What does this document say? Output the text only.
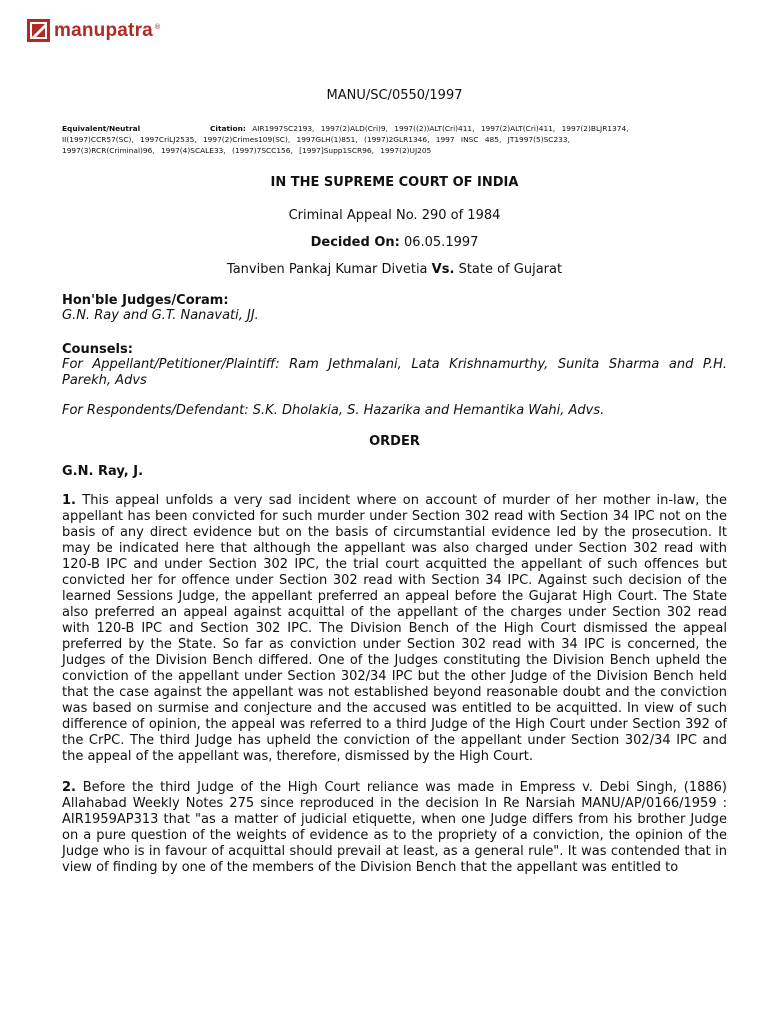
manupatra ®

MANU/SC/0550/1997

Equivalent/Neutral	Citation: AIR1997SC2193, 1997(2)ALD(Cri)9, 1997((2))ALT(Cri)411, 1997(2)ALT(Cri)411, 1997(2)BLJR1374,
II(1997)CCR57(SC), 1997CriLJ2535, 1997(2)Crimes109(SC), 1997GLH(1)851, (1997)2GLR1346, 1997 INSC 485, JT1997(5)SC233,
1997(3)RCR(Criminal)96, 1997(4)SCALE33, (1997)7SCC156, [1997]Supp1SCR96, 1997(2)UJ205

IN THE SUPREME COURT OF INDIA

Criminal Appeal No. 290 of 1984

Decided On: 06.05.1997

Tanviben Pankaj Kumar Divetia Vs. State of Gujarat

Hon'ble Judges/Coram:

G.N. Ray and G.T. Nanavati, JJ.

Counsels:

For Appellant/Petitioner/Plaintiff: Ram Jethmalani, Lata Krishnamurthy, Sunita Sharma and P.H. Parekh, Advs

For Respondents/Defendant: S.K. Dholakia, S. Hazarika and Hemantika Wahi, Advs.

ORDER

G.N. Ray, J.

1. This appeal unfolds a very sad incident where on account of murder of her mother in-law, the appellant has been convicted for such murder under Section 302 read with Section 34 IPC not on the basis of any direct evidence but on the basis of circumstantial evidence led by the prosecution. It may be indicated here that although the appellant was also charged under Section 302 read with 120-B IPC and under Section 302 IPC, the trial court acquitted the appellant of such offences but convicted her for offence under Section 302 read with Section 34 IPC. Against such decision of the learned Sessions Judge, the appellant preferred an appeal before the Gujarat High Court. The State also preferred an appeal against acquittal of the appellant of the charges under Section 302 read with 120-B IPC and Section 302 IPC. The Division Bench of the High Court dismissed the appeal preferred by the State. So far as conviction under Section 302 read with 34 IPC is concerned, the Judges of the Division Bench differed. One of the Judges constituting the Division Bench upheld the conviction of the appellant under Section 302/34 IPC but the other Judge of the Division Bench held that the case against the appellant was not established beyond reasonable doubt and the conviction was based on surmise and conjecture and the accused was entitled to be acquitted. In view of such difference of opinion, the appeal was referred to a third Judge of the High Court under Section 392 of the CrPC. The third Judge has upheld the conviction of the appellant under Section 302/34 IPC and the appeal of the appellant was, therefore, dismissed by the High Court.

2. Before the third Judge of the High Court reliance was made in Empress v. Debi Singh, (1886) Allahabad Weekly Notes 275 since reproduced in the decision In Re Narsiah MANU/AP/0166/1959 : AIR1959AP313 that "as a matter of judicial etiquette, when one Judge differs from his brother Judge on a pure question of the weights of evidence as to the propriety of a conviction, the opinion of the Judge who is in favour of acquittal should prevail at least, as a general rule". It was contended that in view of finding by one of the members of the Division Bench that the appellant was entitled to
